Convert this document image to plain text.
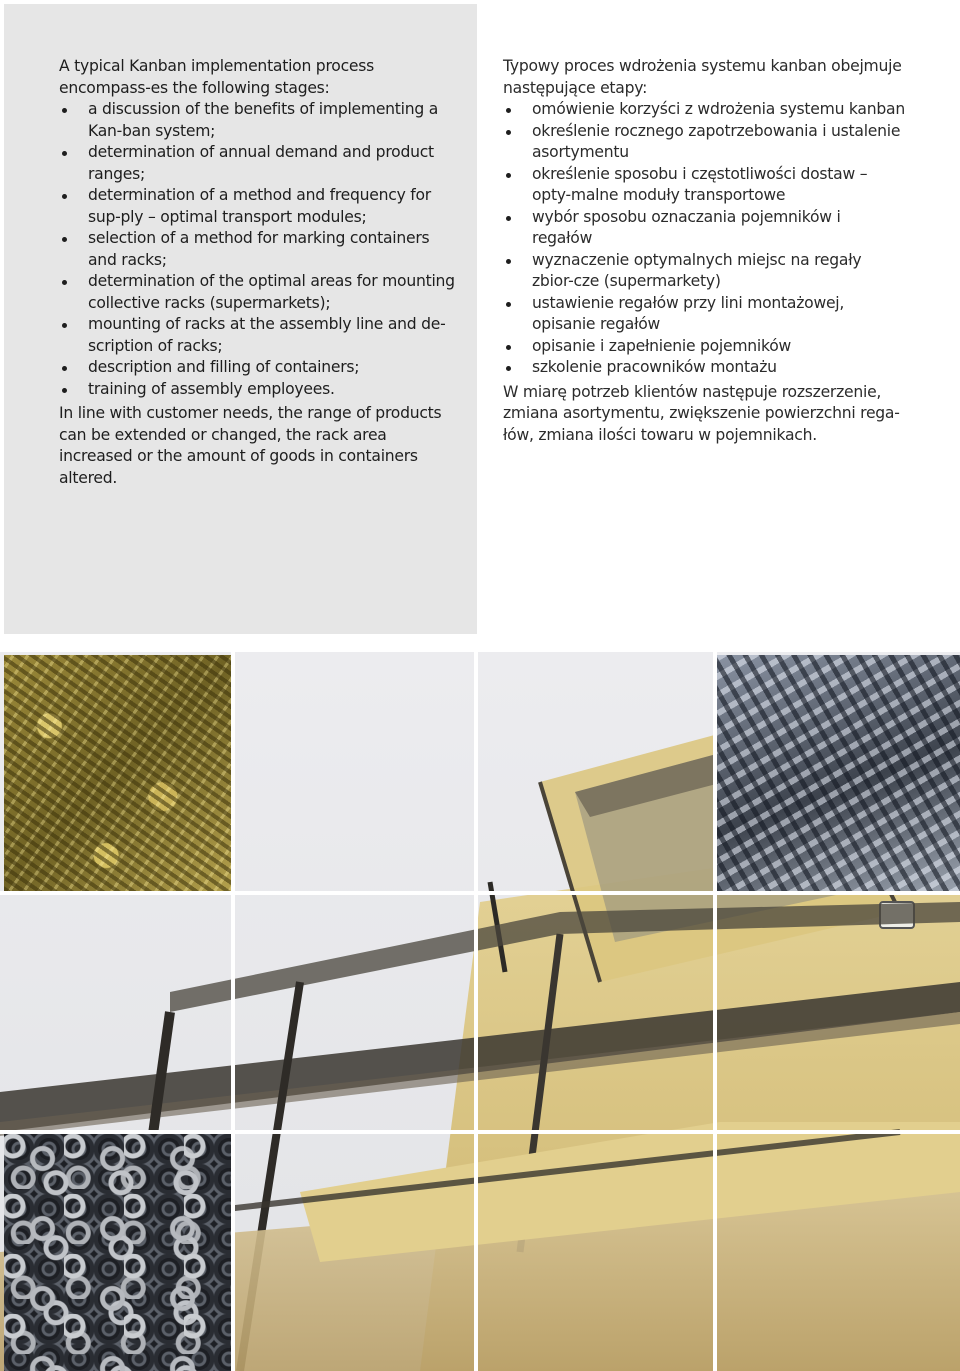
A typical Kanban implementation process encompass-es the following stages:

a discussion of the benefits of implementing a Kan-ban system;
determination of annual demand and product ranges;
determination of a method and frequency for sup-ply – optimal transport modules;
selection of a method for marking containers and racks;
determination of the optimal areas for mounting collective racks (supermarkets);
mounting of racks at the assembly line and de-scription of racks;
description and filling of containers;
training of assembly employees.

In line with customer needs, the range of products can be extended or changed, the rack area increased or the amount of goods in containers altered.

Typowy proces wdrożenia systemu kanban obejmuje następujące etapy:

omówienie korzyści z wdrożenia systemu kanban
określenie rocznego zapotrzebowania i ustalenie asortymentu
określenie sposobu i częstotliwości dostaw – opty-malne moduły transportowe
wybór sposobu oznaczania pojemników i regałów
wyznaczenie optymalnych miejsc na regały zbior-cze (supermarkety)
ustawienie regałów przy lini montażowej, opisanie regałów
opisanie i zapełnienie pojemników
szkolenie pracowników montażu

W miarę potrzeb klientów następuje rozszerzenie, zmiana asortymentu, zwiększenie powierzchni rega-łów, zmiana ilości towaru w pojemnikach.
